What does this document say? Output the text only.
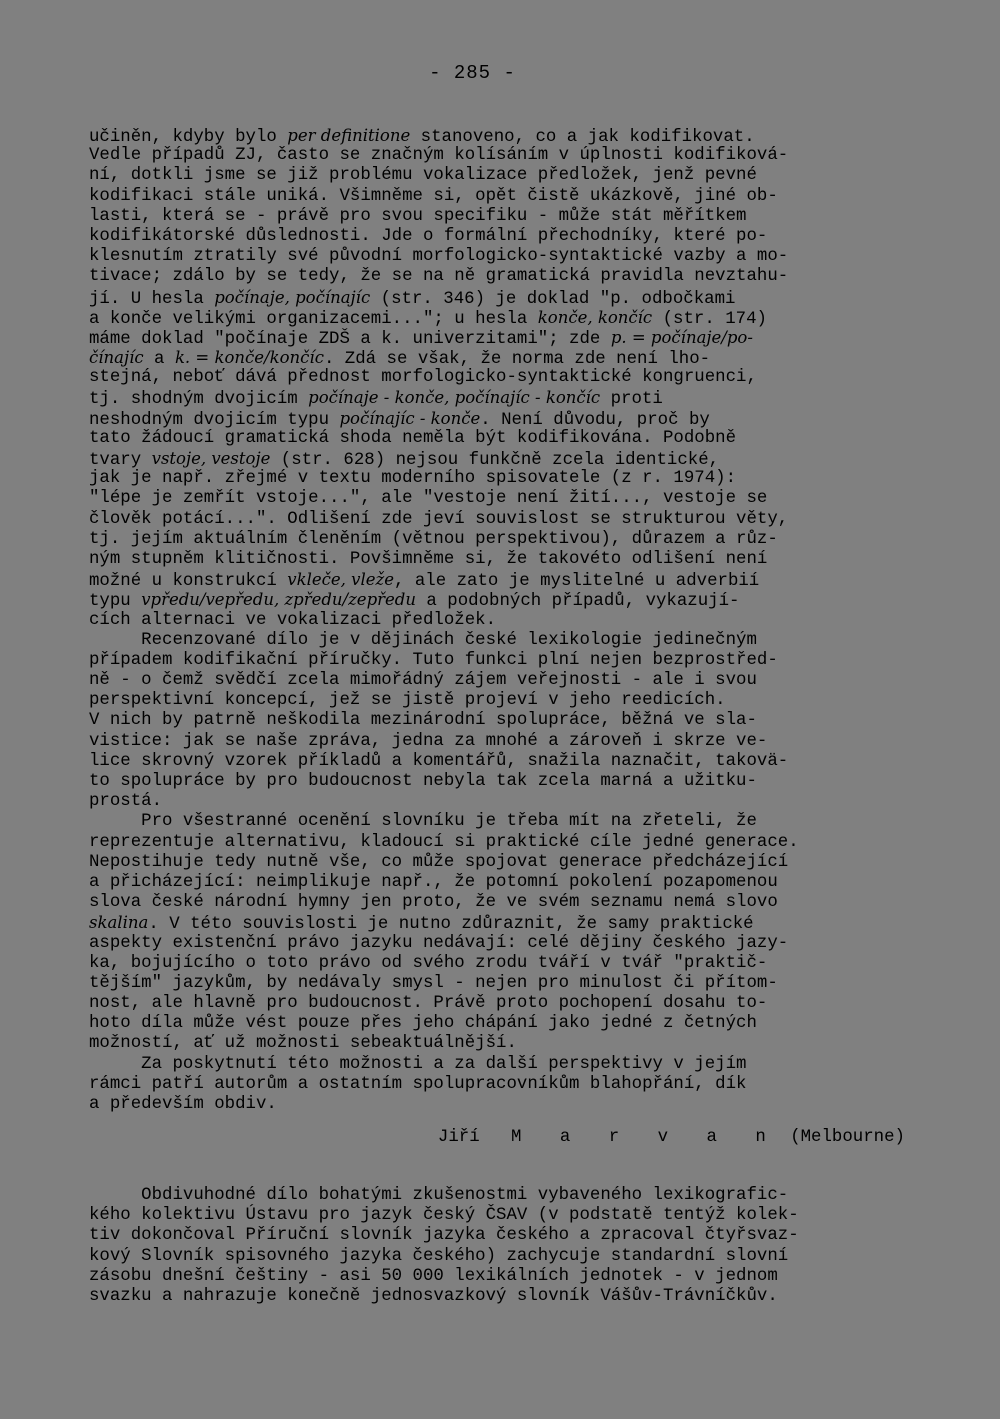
- 285 -
učiněn, kdyby bylo per definitione stanoveno, co a jak kodifikovat.
Vedle případů ZJ, často se značným kolísáním v úplnosti kodifiková-
ní, dotkli jsme se již problému vokalizace předložek, jenž pevné
kodifikaci stále uniká. Všimněme si, opět čistě ukázkově, jiné ob-
lasti, která se - právě pro svou specifiku - může stát měřítkem
kodifikátorské důslednosti. Jde o formální přechodníky, které po-
klesnutím ztratily své původní morfologicko-syntaktické vazby a mo-
tivace; zdálo by se tedy, že se na ně gramatická pravidla nevztahu-
jí. U hesla počínaje, počínajíc (str. 346) je doklad "p. odbočkami
a konče velikými organizacemi..."; u hesla konče, končíc (str. 174)
máme doklad "počínaje ZDŠ a k. univerzitami"; zde p. = počínaje/po-
čínajíc a k. = konče/končíc. Zdá se však, že norma zde není lho-
stejná, neboť dává přednost morfologicko-syntaktické kongruenci,
tj. shodným dvojicím počínaje - konče, počínajíc - končíc proti
neshodným dvojicím typu počínajíc - konče. Není důvodu, proč by
tato žádoucí gramatická shoda neměla být kodifikována. Podobně
tvary vstoje, vestoje (str. 628) nejsou funkčně zcela identické,
jak je např. zřejmé v textu moderního spisovatele (z r. 1974):
"lépe je zemřít vstoje...", ale "vestoje není žití..., vestoje se
člověk potácí...". Odlišení zde jeví souvislost se strukturou věty,
tj. jejím aktuálním členěním (větnou perspektivou), důrazem a růz-
ným stupněm klitičnosti. Povšimněme si, že takovéto odlišení není
možné u konstrukcí vkleče, vleže, ale zato je myslitelné u adverbií
typu vpředu/vepředu, zpředu/zepředu a podobných případů, vykazují-
cích alternaci ve vokalizaci předložek.
Recenzované dílo je v dějinách české lexikologie jedinečným
případem kodifikační příručky. Tuto funkci plní nejen bezprostřed-
ně - o čemž svědčí zcela mimořádný zájem veřejnosti - ale i svou
perspektivní koncepcí, jež se jistě projeví v jeho reedicích.
V nich by patrně neškodila mezinárodní spolupráce, běžná ve sla-
vistice: jak se naše zpráva, jedna za mnohé a zároveň i skrze ve-
lice skrovný vzorek příkladů a komentářů, snažila naznačit, takovä-
to spolupráce by pro budoucnost nebyla tak zcela marná a užitku-
prostá.
Pro všestranné ocenění slovníku je třeba mít na zřeteli, že
reprezentuje alternativu, kladoucí si praktické cíle jedné generace.
Nepostihuje tedy nutně vše, co může spojovat generace předcházející
a přicházející: neimplikuje např., že potomní pokolení pozapomenou
slova české národní hymny jen proto, že ve svém seznamu nemá slovo
skalina. V této souvislosti je nutno zdůraznit, že samy praktické
aspekty existenční právo jazyku nedávají: celé dějiny českého jazy-
ka, bojujícího o toto právo od svého zrodu tváří v tvář "praktič-
tějším" jazykům, by nedávaly smysl - nejen pro minulost či přítom-
nost, ale hlavně pro budoucnost. Právě proto pochopení dosahu to-
hoto díla může vést pouze přes jeho chápání jako jedné z četných
možností, ať už možnosti sebeaktuálnější.
Za poskytnutí této možnosti a za další perspektivy v jejím
rámci patří autorům a ostatním spolupracovníkům blahopřání, dík
a především obdiv.
Jiří M a r v a n (Melbourne)
Obdivuhodné dílo bohatými zkušenostmi vybaveného lexikografic-
kého kolektivu Ústavu pro jazyk český ČSAV (v podstatě tentýž kolek-
tiv dokončoval Příruční slovník jazyka českého a zpracoval čtyřsvaz-
kový Slovník spisovného jazyka českého) zachycuje standardní slovní
zásobu dnešní češtiny - asi 50 000 lexikálních jednotek - v jednom
svazku a nahrazuje konečně jednosvazkový slovník Vášův-Trávníčkův.
